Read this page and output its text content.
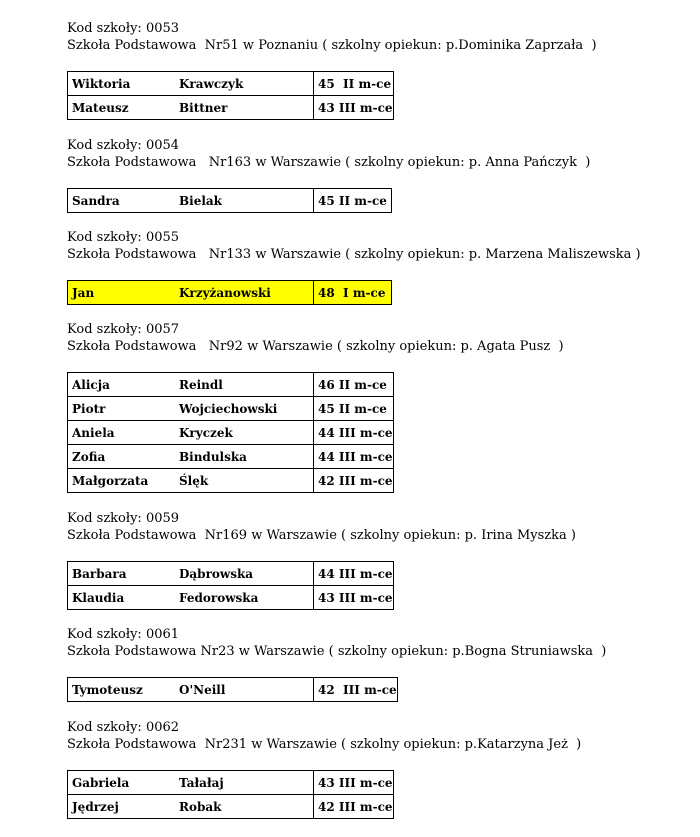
Kod szkoły: 0053
Szkoła Podstawowa  Nr51 w Poznaniu ( szkolny opiekun: p.Dominika Zaprzała  )
Wiktoria	Krawczyk	45  II m-ce
Mateusz	Bittner	43 III m-ce
Kod szkoły: 0054
Szkoła Podstawowa   Nr163 w Warszawie ( szkolny opiekun: p. Anna Pańczyk  )
Sandra	Bielak	45 II m-ce
Kod szkoły: 0055
Szkoła Podstawowa   Nr133 w Warszawie ( szkolny opiekun: p. Marzena Maliszewska )
Jan	Krzyżanowski	48  I m-ce
Kod szkoły: 0057
Szkoła Podstawowa   Nr92 w Warszawie ( szkolny opiekun: p. Agata Pusz  )
Alicja	Reindl	46 II m-ce
Piotr	Wojciechowski	45 II m-ce
Aniela	Kryczek	44 III m-ce
Zofia	Bindulska	44 III m-ce
Małgorzata	Ślęk	42 III m-ce
Kod szkoły: 0059
Szkoła Podstawowa  Nr169 w Warszawie ( szkolny opiekun: p. Irina Myszka )
Barbara	Dąbrowska	44 III m-ce
Klaudia	Fedorowska	43 III m-ce
Kod szkoły: 0061
Szkoła Podstawowa Nr23 w Warszawie ( szkolny opiekun: p.Bogna Struniawska  )
Tymoteusz	O'Neill	42  III m-ce
Kod szkoły: 0062
Szkoła Podstawowa  Nr231 w Warszawie ( szkolny opiekun: p.Katarzyna Jeż  )
Gabriela	Tałałaj	43 III m-ce
Jędrzej	Robak	42 III m-ce
